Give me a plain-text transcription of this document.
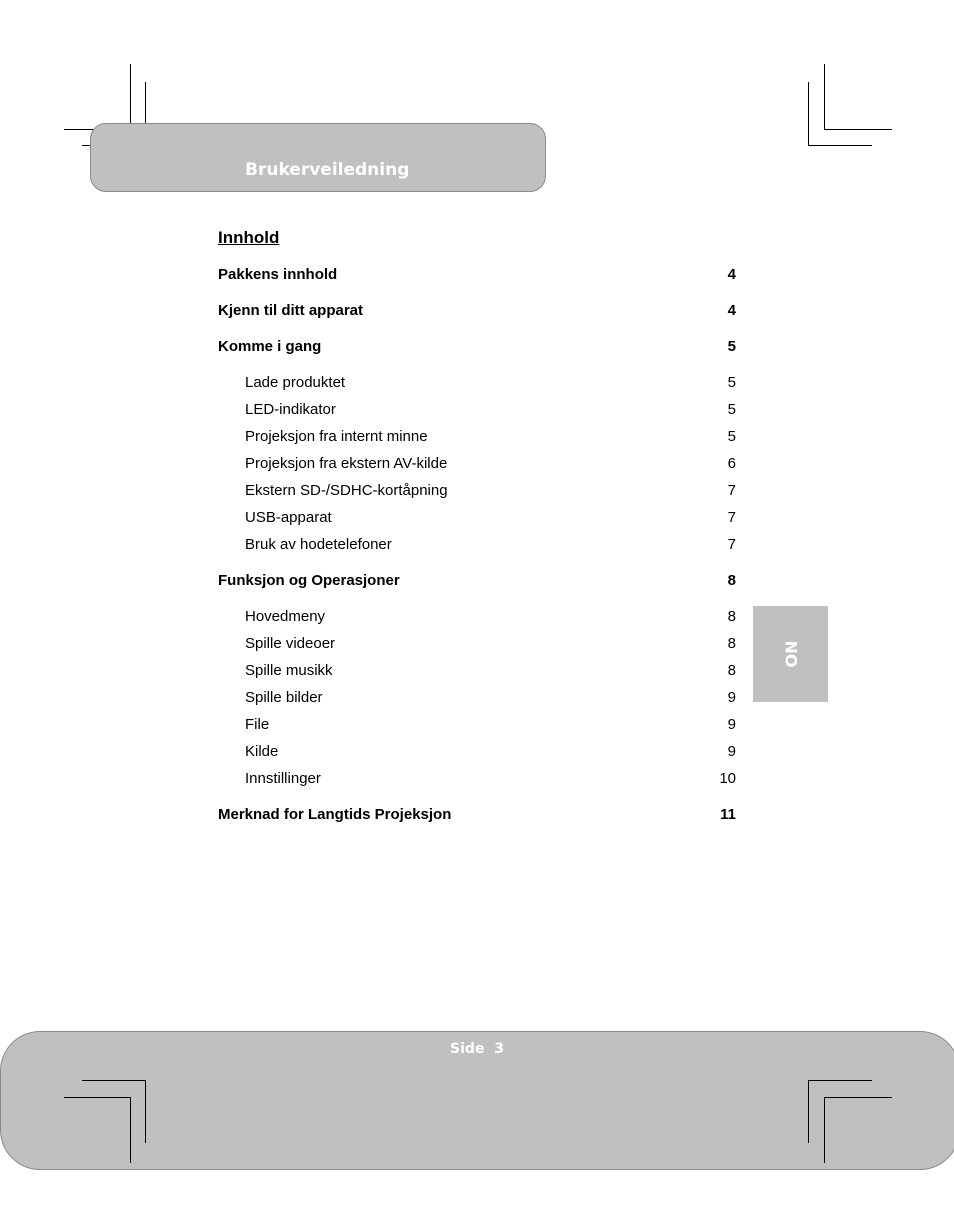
Brukerveiledning
Innhold
Pakkens innhold	4
Kjenn til ditt apparat	4
Komme i gang	5
Lade produktet	5
LED-indikator	5
Projeksjon fra internt minne	5
Projeksjon fra ekstern AV-kilde	6
Ekstern SD-/SDHC-kortåpning	7
USB-apparat	7
Bruk av hodetelefoner	7
Funksjon og Operasjoner	8
Hovedmeny	8
Spille videoer	8
Spille musikk	8
Spille bilder	9
File	9
Kilde	9
Innstillinger	10
Merknad for Langtids Projeksjon	11
NO
Side  3
